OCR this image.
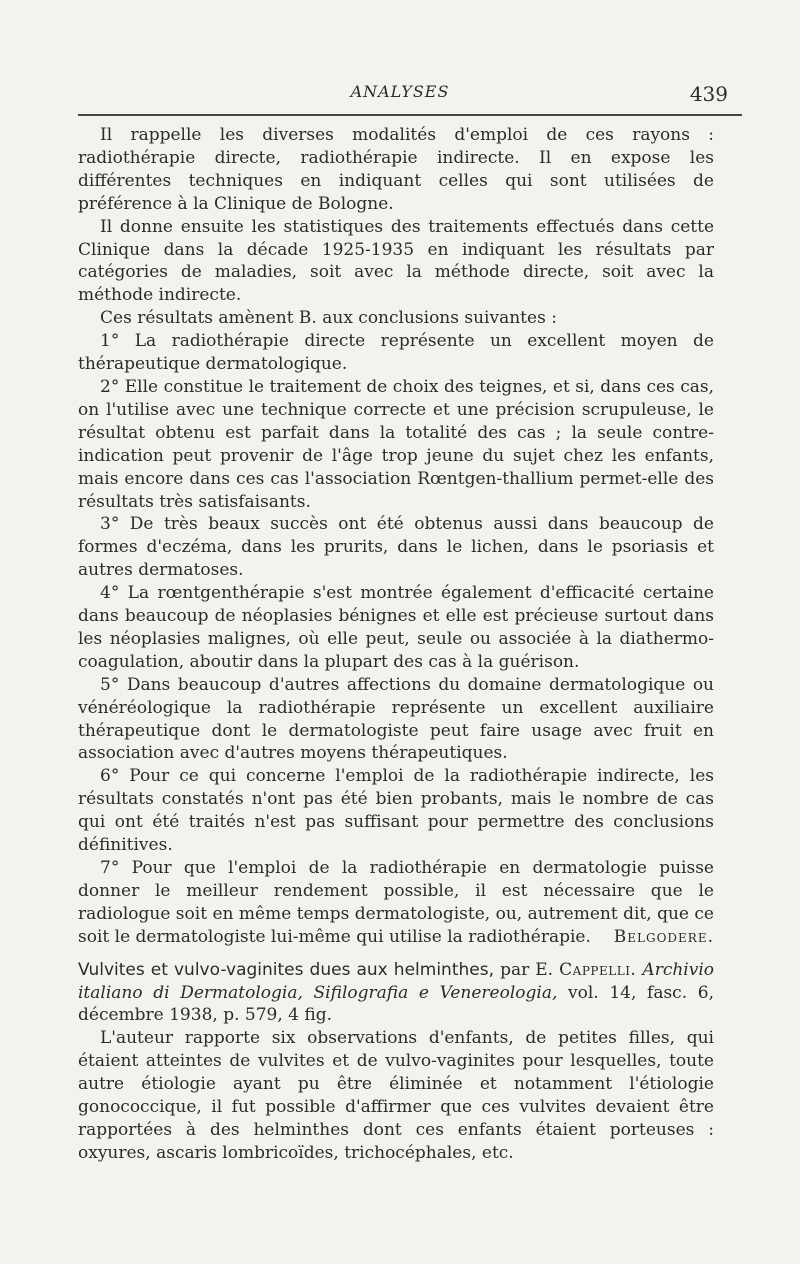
ANALYSES	439

Il rappelle les diverses modalités d'emploi de ces rayons : radiothérapie directe, radiothérapie indirecte. Il en expose les différentes techniques en indiquant celles qui sont utilisées de préférence à la Clinique de Bologne.

Il donne ensuite les statistiques des traitements effectués dans cette Clinique dans la décade 1925-1935 en indiquant les résultats par catégories de maladies, soit avec la méthode directe, soit avec la méthode indirecte.

Ces résultats amènent B. aux conclusions suivantes :

1° La radiothérapie directe représente un excellent moyen de thérapeutique dermatologique.

2° Elle constitue le traitement de choix des teignes, et si, dans ces cas, on l'utilise avec une technique correcte et une précision scrupuleuse, le résultat obtenu est parfait dans la totalité des cas ; la seule contre-indication peut provenir de l'âge trop jeune du sujet chez les enfants, mais encore dans ces cas l'association Rœntgen-thallium permet-elle des résultats très satisfaisants.

3° De très beaux succès ont été obtenus aussi dans beaucoup de formes d'eczéma, dans les prurits, dans le lichen, dans le psoriasis et autres dermatoses.

4° La rœntgenthérapie s'est montrée également d'efficacité certaine dans beaucoup de néoplasies bénignes et elle est précieuse surtout dans les néoplasies malignes, où elle peut, seule ou associée à la diathermo-coagulation, aboutir dans la plupart des cas à la guérison.

5° Dans beaucoup d'autres affections du domaine dermatologique ou vénéréologique la radiothérapie représente un excellent auxiliaire thérapeutique dont le dermatologiste peut faire usage avec fruit en association avec d'autres moyens thérapeutiques.

6° Pour ce qui concerne l'emploi de la radiothérapie indirecte, les résultats constatés n'ont pas été bien probants, mais le nombre de cas qui ont été traités n'est pas suffisant pour permettre des conclusions définitives.

7° Pour que l'emploi de la radiothérapie en dermatologie puisse donner le meilleur rendement possible, il est nécessaire que le radiologue soit en même temps dermatologiste, ou, autrement dit, que ce soit le dermatologiste lui-même qui utilise la radiothérapie.	Belgodere.

Vulvites et vulvo-vaginites dues aux helminthes, par E. Cappelli. Archivio italiano di Dermatologia, Sifilografia e Venereologia, vol. 14, fasc. 6, décembre 1938, p. 579, 4 fig.

L'auteur rapporte six observations d'enfants, de petites filles, qui étaient atteintes de vulvites et de vulvo-vaginites pour lesquelles, toute autre étiologie ayant pu être éliminée et notamment l'étiologie gonococcique, il fut possible d'affirmer que ces vulvites devaient être rapportées à des helminthes dont ces enfants étaient porteuses : oxyures, ascaris lombricoïdes, trichocéphales, etc.
